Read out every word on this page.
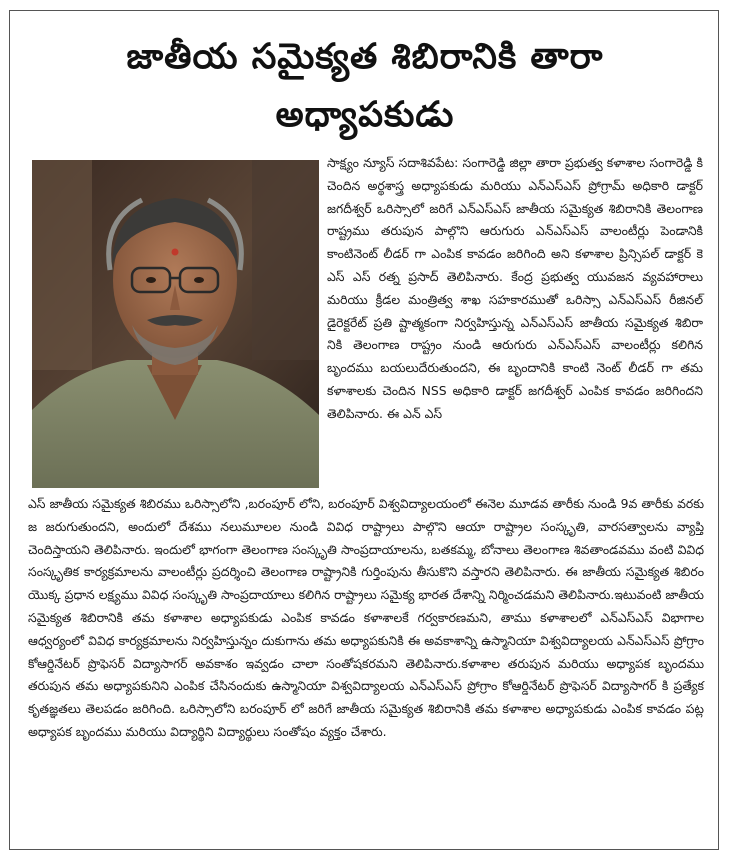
జాతీయ సమైక్యత శిబిరానికి తారా
అధ్యాపకుడు

సాక్ష్యం న్యూస్ సదాశివపేట: సంగారెడ్డి జిల్లా తారా ప్రభుత్వ కళాశాల సంగారెడ్డి కి చెందిన అర్థశాస్త్ర అధ్యాపకుడు మరియు ఎన్ఎస్ఎస్ ప్రోగ్రామ్ అధికారి డాక్టర్ జగదీశ్వర్ ఒరిస్సాలో జరిగే ఎన్ఎస్ఎస్ జాతీయ సమైక్యత శిబిరానికి తెలంగాణ రాష్ట్రము తరుపున పాల్గొని ఆరుగురు ఎన్ఎస్ఎస్ వాలంటీర్లు పెండానికి కాంటినెంట్ లీడర్ గా ఎంపిక కావడం జరిగింది అని కళాశాల ప్రిన్సిపల్ డాక్టర్ కె ఎస్ ఎస్ రత్న ప్రసాద్ తెలిపినారు. కేంద్ర ప్రభుత్వ యువజన వ్యవహారాలు మరియు క్రీడల మంత్రిత్వ శాఖ సహకారముతో ఒరిస్సా ఎన్ఎస్ఎస్ రీజినల్ డైరెక్టరేట్ ప్రతి ష్టాత్మకంగా నిర్వహిస్తున్న ఎన్ఎస్ఎస్ జాతీయ సమైక్యత శిబిరా నికి తెలంగాణ రాష్ట్రం నుండి ఆరుగురు ఎన్ఎస్ఎస్ వాలంటీర్లు కలిగిన బృందము బయలుదేరుతుందని, ఈ బృందానికి కాంటి నెంట్ లీడర్ గా తమ కళాశాలకు చెందిన NSS అధికారి డాక్టర్ జగదీశ్వర్ ఎంపిక కావడం జరిగిందని తెలిపినారు. ఈ ఎన్ ఎస్

ఎస్ జాతీయ సమైక్యత శిబిరము ఒరిస్సాలోని ,బరంపూర్ లోని, బరంపూర్ విశ్వవిద్యాలయంలో ఈనెల మూడవ తారీకు నుండి 9వ తారీకు వరకు జ జరుగుతుందని, అందులో దేశము నలుమూలల నుండి వివిధ రాష్ట్రాలు పాల్గొని ఆయా రాష్ట్రాల సంస్కృతి, వారసత్వాలను వ్యాప్తి చెందిస్తాయని తెలిపినారు. ఇందులో భాగంగా తెలంగాణ సంస్కృతి సాంప్రదాయాలను, బతకమ్మ, బోనాలు తెలంగాణ శివతాండవము వంటి వివిధ సంస్కృతిక కార్యక్రమాలను వాలంటీర్లు ప్రదర్శించి తెలంగాణ రాష్ట్రానికి గుర్తింపును తీసుకొని వస్తారని తెలిపినారు. ఈ జాతీయ సమైక్యత శిబిరం యొక్క ప్రధాన లక్ష్యము వివిధ సంస్కృతి సాంప్రదాయాలు కలిగిన రాష్ట్రాలు సమైక్య భారత దేశాన్ని నిర్మించడమని తెలిపినారు.ఇటువంటి జాతీయ సమైక్యత శిబిరానికి తమ కళాశాల అధ్యాపకుడు ఎంపిక కావడం కళాశాలకే గర్వకారణమని, తాము కళాశాలలో ఎన్ఎస్ఎస్ విభాగాల ఆధ్వర్యంలో వివిధ కార్యక్రమాలను నిర్వహిస్తున్నం దుకుగాను తమ అధ్యాపకునికి ఈ అవకాశాన్ని ఉస్మానియా విశ్వవిద్యాలయ ఎన్ఎస్ఎస్ ప్రోగ్రాం కోఆర్డినేటర్ ప్రొఫెసర్ విద్యాసాగర్ అవకాశం ఇవ్వడం చాలా సంతోషకరమని తెలిపినారు.కళాశాల తరుపున మరియు అధ్యాపక బృందము తరుపున తమ అధ్యాపకునిని ఎంపిక చేసినందుకు ఉస్మానియా విశ్వవిద్యాలయ ఎన్ఎస్ఎస్ ప్రోగ్రాం కోఆర్డినేటర్ ప్రొఫెసర్ విద్యాసాగర్ కి ప్రత్యేక కృతజ్ఞతలు తెలపడం జరిగింది. ఒరిస్సాలోని బరంపూర్ లో జరిగే జాతీయ సమైక్యత శిబిరానికి తమ కళాశాల అధ్యాపకుడు ఎంపిక కావడం పట్ల అధ్యాపక బృందము మరియు విద్యార్థిని విద్యార్థులు సంతోషం వ్యక్తం చేశారు.
